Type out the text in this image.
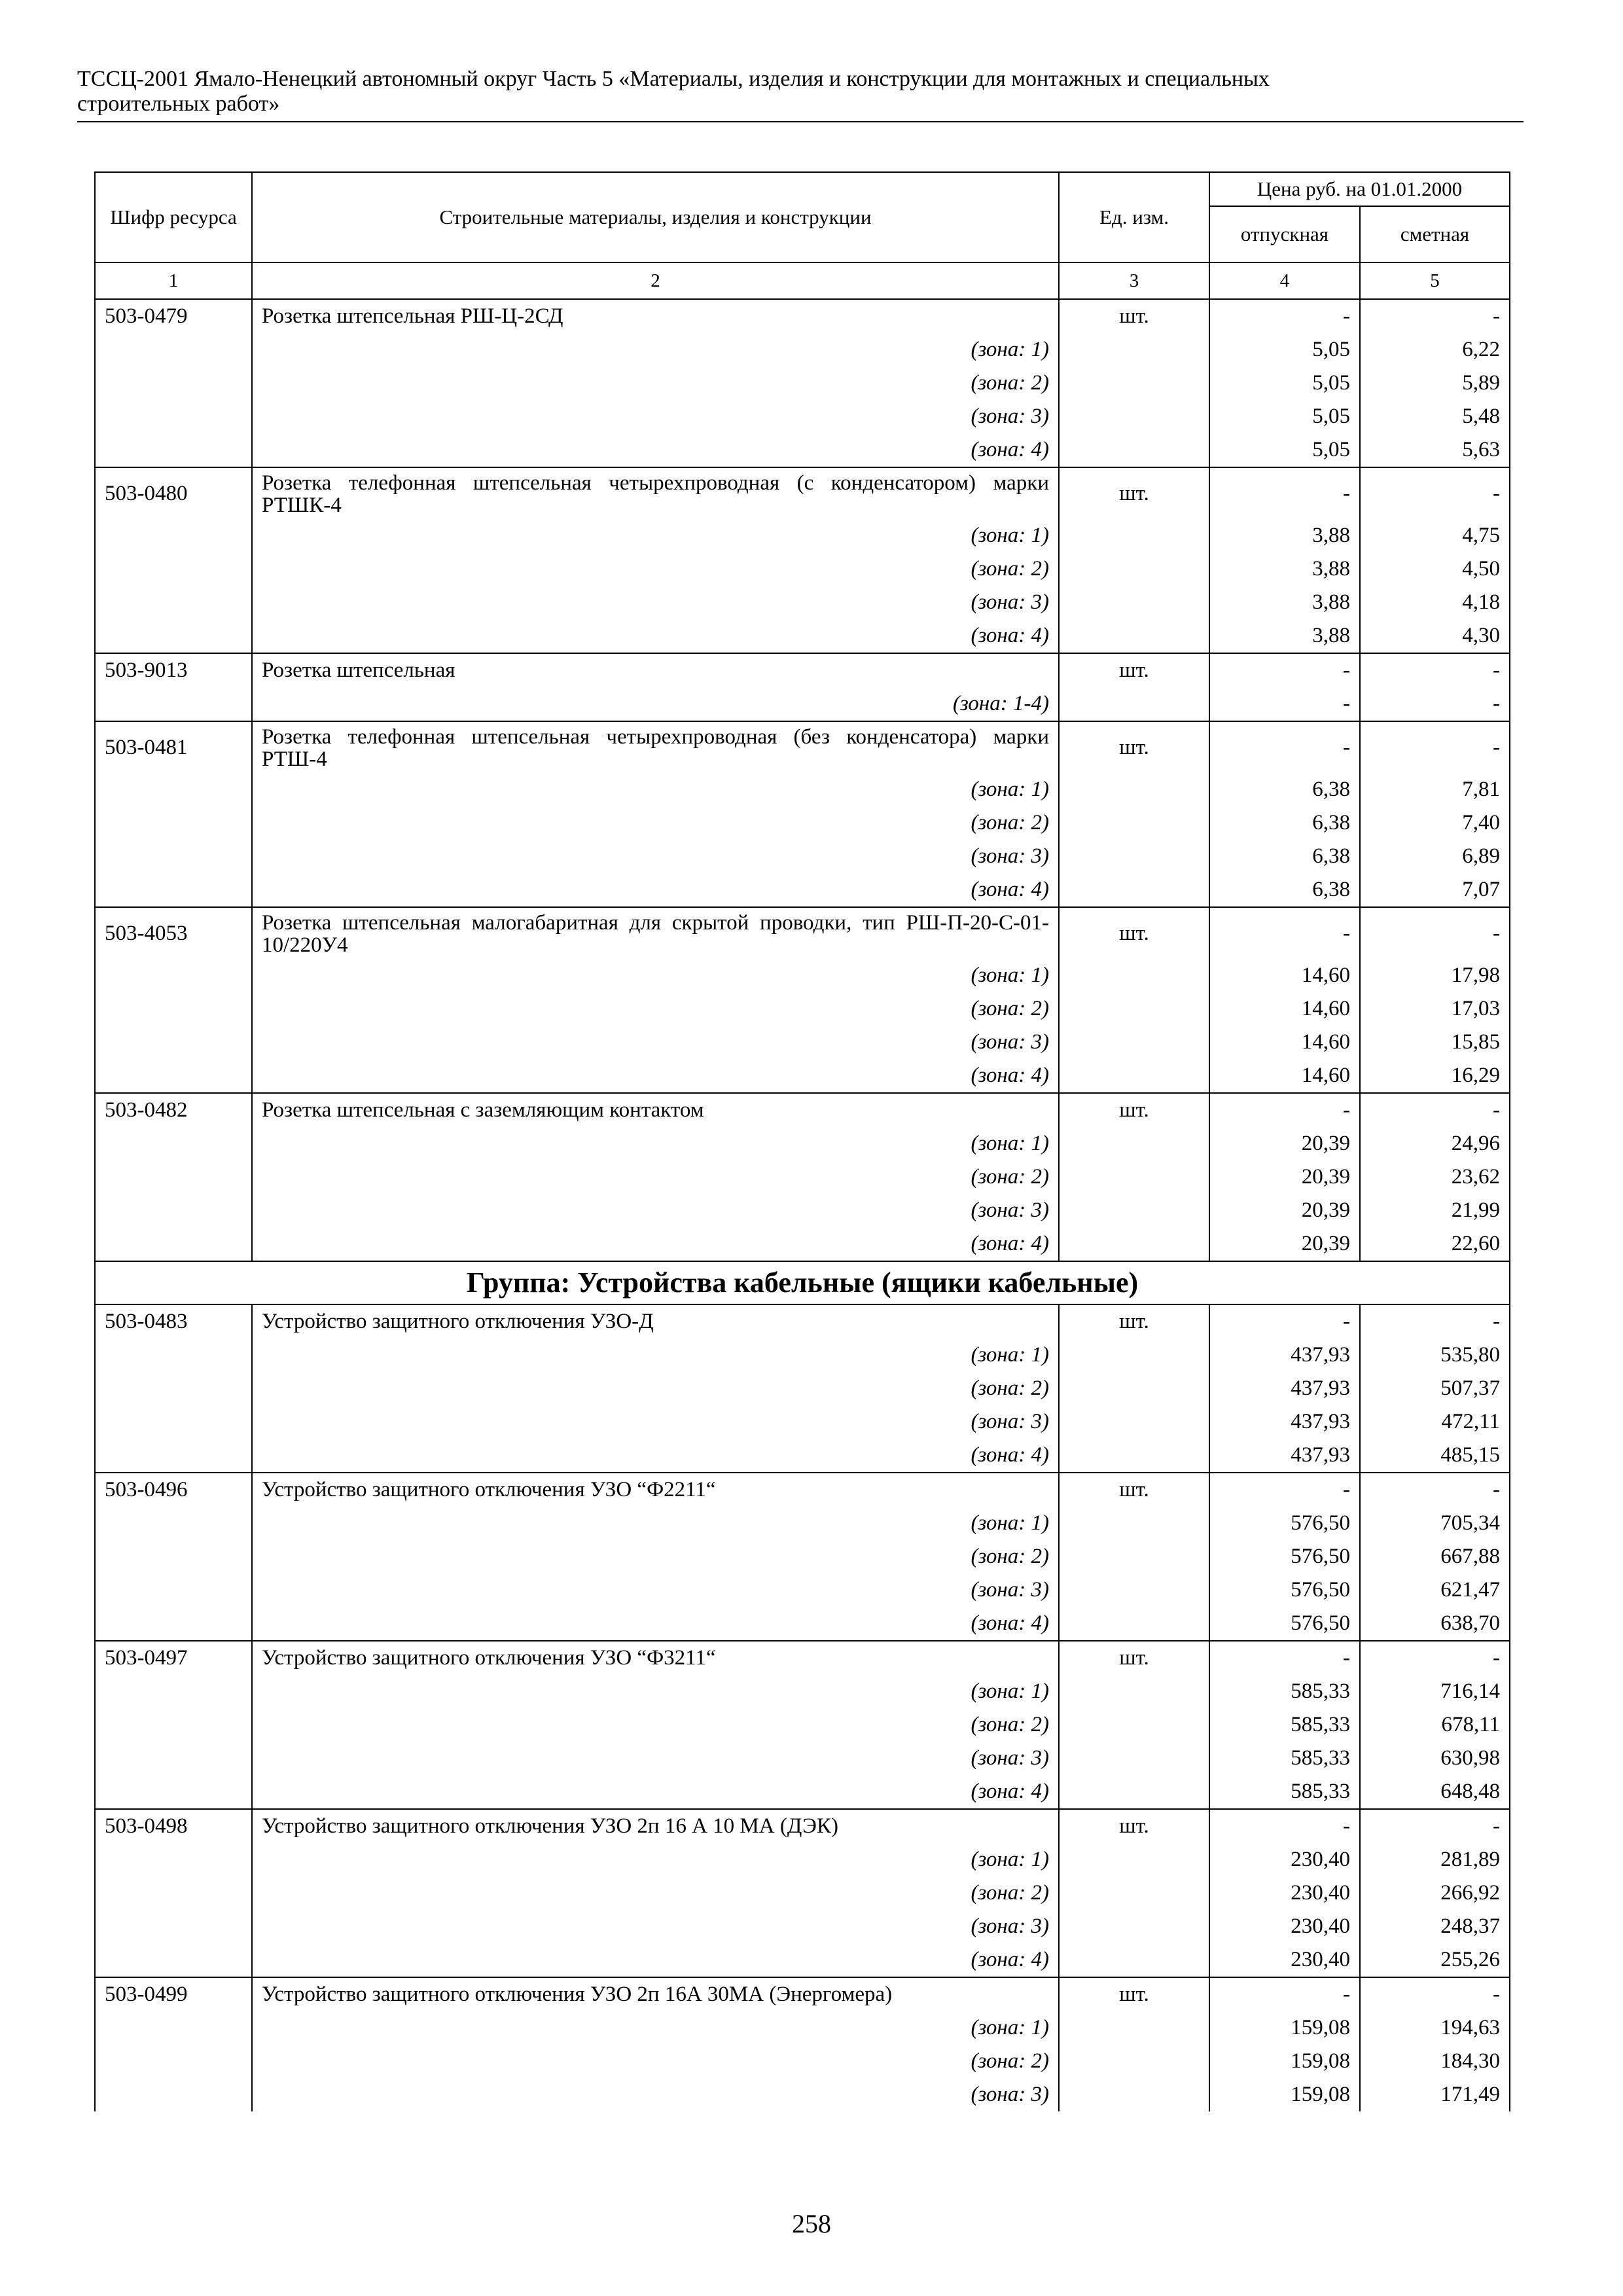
ТССЦ-2001 Ямало-Ненецкий автономный округ Часть 5 «Материалы, изделия и конструкции для монтажных и специальных
строительных работ»
Шифр ресурса	Строительные материалы, изделия и конструкции	Ед. изм.	Цена руб. на 01.01.2000	
			отпускная	сметная
1	2	3	4	5
503-0479	Розетка штепсельная РШ-Ц-2СД	шт.	-	-
	(зона: 1)		5,05	6,22
	(зона: 2)		5,05	5,89
	(зона: 3)		5,05	5,48
	(зона: 4)		5,05	5,63
503-0480	Розетка телефонная штепсельная четырехпроводная (с конденсатором) марки РТШК-4	шт.	-	-
	(зона: 1)		3,88	4,75
	(зона: 2)		3,88	4,50
	(зона: 3)		3,88	4,18
	(зона: 4)		3,88	4,30
503-9013	Розетка штепсельная	шт.	-	-
	(зона: 1-4)		-	-
503-0481	Розетка телефонная штепсельная четырехпроводная (без конденсатора) марки РТШ-4	шт.	-	-
	(зона: 1)		6,38	7,81
	(зона: 2)		6,38	7,40
	(зона: 3)		6,38	6,89
	(зона: 4)		6,38	7,07
503-4053	Розетка штепсельная малогабаритная для скрытой проводки, тип РШ-П-20-С-01-10/220У4	шт.	-	-
	(зона: 1)		14,60	17,98
	(зона: 2)		14,60	17,03
	(зона: 3)		14,60	15,85
	(зона: 4)		14,60	16,29
503-0482	Розетка штепсельная с заземляющим контактом	шт.	-	-
	(зона: 1)		20,39	24,96
	(зона: 2)		20,39	23,62
	(зона: 3)		20,39	21,99
	(зона: 4)		20,39	22,60
Группа: Устройства кабельные (ящики кабельные)				
503-0483	Устройство защитного отключения УЗО-Д	шт.	-	-
	(зона: 1)		437,93	535,80
	(зона: 2)		437,93	507,37
	(зона: 3)		437,93	472,11
	(зона: 4)		437,93	485,15
503-0496	Устройство защитного отключения УЗО “Ф2211“	шт.	-	-
	(зона: 1)		576,50	705,34
	(зона: 2)		576,50	667,88
	(зона: 3)		576,50	621,47
	(зона: 4)		576,50	638,70
503-0497	Устройство защитного отключения УЗО “Ф3211“	шт.	-	-
	(зона: 1)		585,33	716,14
	(зона: 2)		585,33	678,11
	(зона: 3)		585,33	630,98
	(зона: 4)		585,33	648,48
503-0498	Устройство защитного отключения УЗО 2п 16 А 10 МА (ДЭК)	шт.	-	-
	(зона: 1)		230,40	281,89
	(зона: 2)		230,40	266,92
	(зона: 3)		230,40	248,37
	(зона: 4)		230,40	255,26
503-0499	Устройство защитного отключения УЗО 2п 16А 30МА (Энергомера)	шт.	-	-
	(зона: 1)		159,08	194,63
	(зона: 2)		159,08	184,30
	(зона: 3)		159,08	171,49
258
